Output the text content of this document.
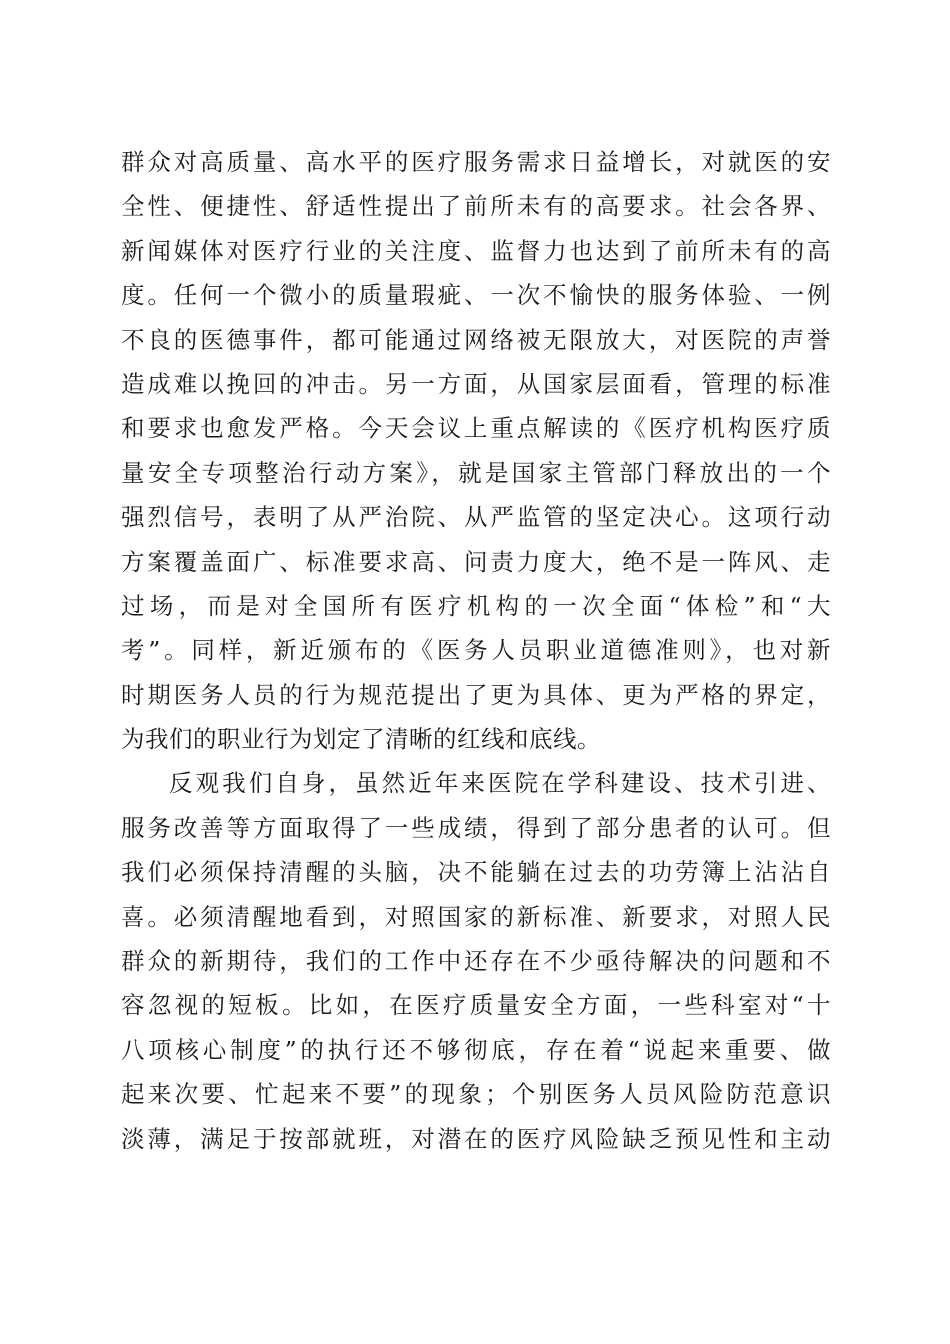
群众对高质量、高水平的医疗服务需求日益增长，对就医的安
全性、便捷性、舒适性提出了前所未有的高要求。社会各界、
新闻媒体对医疗行业的关注度、监督力也达到了前所未有的高
度。任何一个微小的质量瑕疵、一次不愉快的服务体验、一例
不良的医德事件，都可能通过网络被无限放大，对医院的声誉
造成难以挽回的冲击。另一方面，从国家层面看，管理的标准
和要求也愈发严格。今天会议上重点解读的《医疗机构医疗质
量安全专项整治行动方案》，就是国家主管部门释放出的一个
强烈信号，表明了从严治院、从严监管的坚定决心。这项行动
方案覆盖面广、标准要求高、问责力度大，绝不是一阵风、走
过场，而是对全国所有医疗机构的一次全面“体检”和“大
考”。同样，新近颁布的《医务人员职业道德准则》，也对新
时期医务人员的行为规范提出了更为具体、更为严格的界定，
为我们的职业行为划定了清晰的红线和底线。
反观我们自身，虽然近年来医院在学科建设、技术引进、
服务改善等方面取得了一些成绩，得到了部分患者的认可。但
我们必须保持清醒的头脑，决不能躺在过去的功劳簿上沾沾自
喜。必须清醒地看到，对照国家的新标准、新要求，对照人民
群众的新期待，我们的工作中还存在不少亟待解决的问题和不
容忽视的短板。比如，在医疗质量安全方面，一些科室对“十
八项核心制度”的执行还不够彻底，存在着“说起来重要、做
起来次要、忙起来不要”的现象；个别医务人员风险防范意识
淡薄，满足于按部就班，对潜在的医疗风险缺乏预见性和主动
